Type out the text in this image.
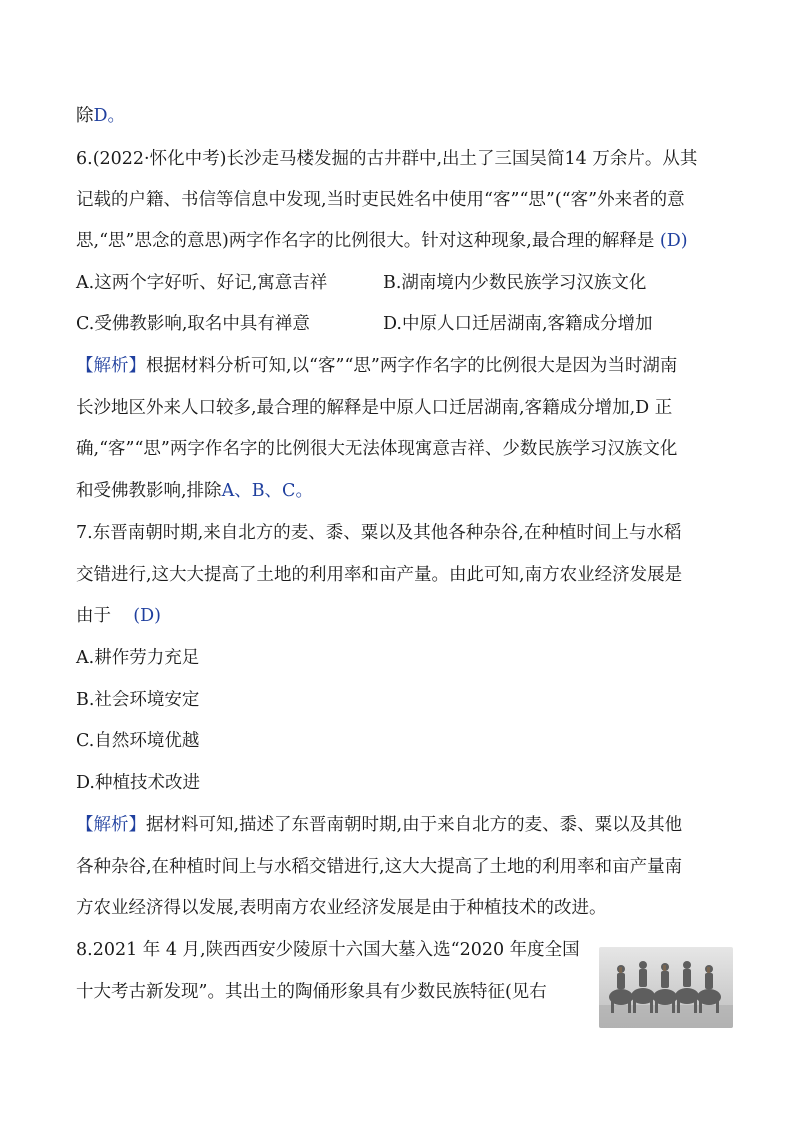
除D。
6.(2022·怀化中考)长沙走马楼发掘的古井群中,出土了三国吴简14 万余片。从其
记载的户籍、书信等信息中发现,当时吏民姓名中使用“客”“思”(“客”外来者的意
思,“思”思念的意思)两字作名字的比例很大。针对这种现象,最合理的解释是 (D)
A.这两个字好听、好记,寓意吉祥	B.湖南境内少数民族学习汉族文化
C.受佛教影响,取名中具有禅意	D.中原人口迁居湖南,客籍成分增加
【解析】根据材料分析可知,以“客”“思”两字作名字的比例很大是因为当时湖南
长沙地区外来人口较多,最合理的解释是中原人口迁居湖南,客籍成分增加,D 正
确,“客”“思”两字作名字的比例很大无法体现寓意吉祥、少数民族学习汉族文化
和受佛教影响,排除A、B、C。
7.东晋南朝时期,来自北方的麦、黍、粟以及其他各种杂谷,在种植时间上与水稻
交错进行,这大大提高了土地的利用率和亩产量。由此可知,南方农业经济发展是
由于 (D)
A.耕作劳力充足
B.社会环境安定
C.自然环境优越
D.种植技术改进
【解析】据材料可知,描述了东晋南朝时期,由于来自北方的麦、黍、粟以及其他
各种杂谷,在种植时间上与水稻交错进行,这大大提高了土地的利用率和亩产量南
方农业经济得以发展,表明南方农业经济发展是由于种植技术的改进。
8.2021 年 4 月,陕西西安少陵原十六国大墓入选“2020 年度全国
十大考古新发现”。其出土的陶俑形象具有少数民族特征(见右
